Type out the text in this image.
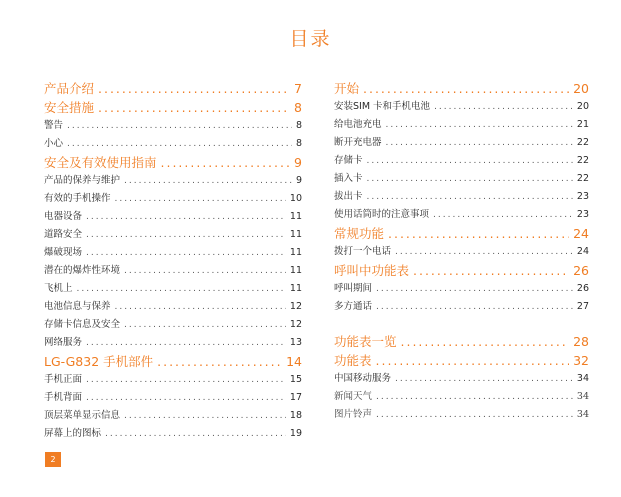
目录
产品介绍 .....	7
安全措施 .....	8
警告 .....	8
小心 .....	8
安全及有效使用指南 .....	9
产品的保养与维护 .....	9
有效的手机操作 .....	10
电器设备 .....	11
道路安全 .....	11
爆破现场 .....	11
潜在的爆炸性环境 .....	11
飞机上 .....	11
电池信息与保养 .....	12
存储卡信息及安全 .....	12
网络服务 .....	13
LG-G832 手机部件 .....	14
手机正面 .....	15
手机背面 .....	17
顶层菜单显示信息 .....	18
屏幕上的图标 .....	19
开始 .....	20
安装SIM 卡和手机电池 .....	20
给电池充电 .....	21
断开充电器 .....	22
存储卡 .....	22
插入卡 .....	22
拔出卡 .....	23
使用话筒时的注意事项 .....	23
常规功能 .....	24
拨打一个电话 .....	24
呼叫中功能表 .....	26
呼叫期间 .....	26
多方通话 .....	27
功能表一览 .....	28
功能表 .....	32
中国移动服务 .....	34
新闻天气 .....	34
图片铃声 .....	34
2
